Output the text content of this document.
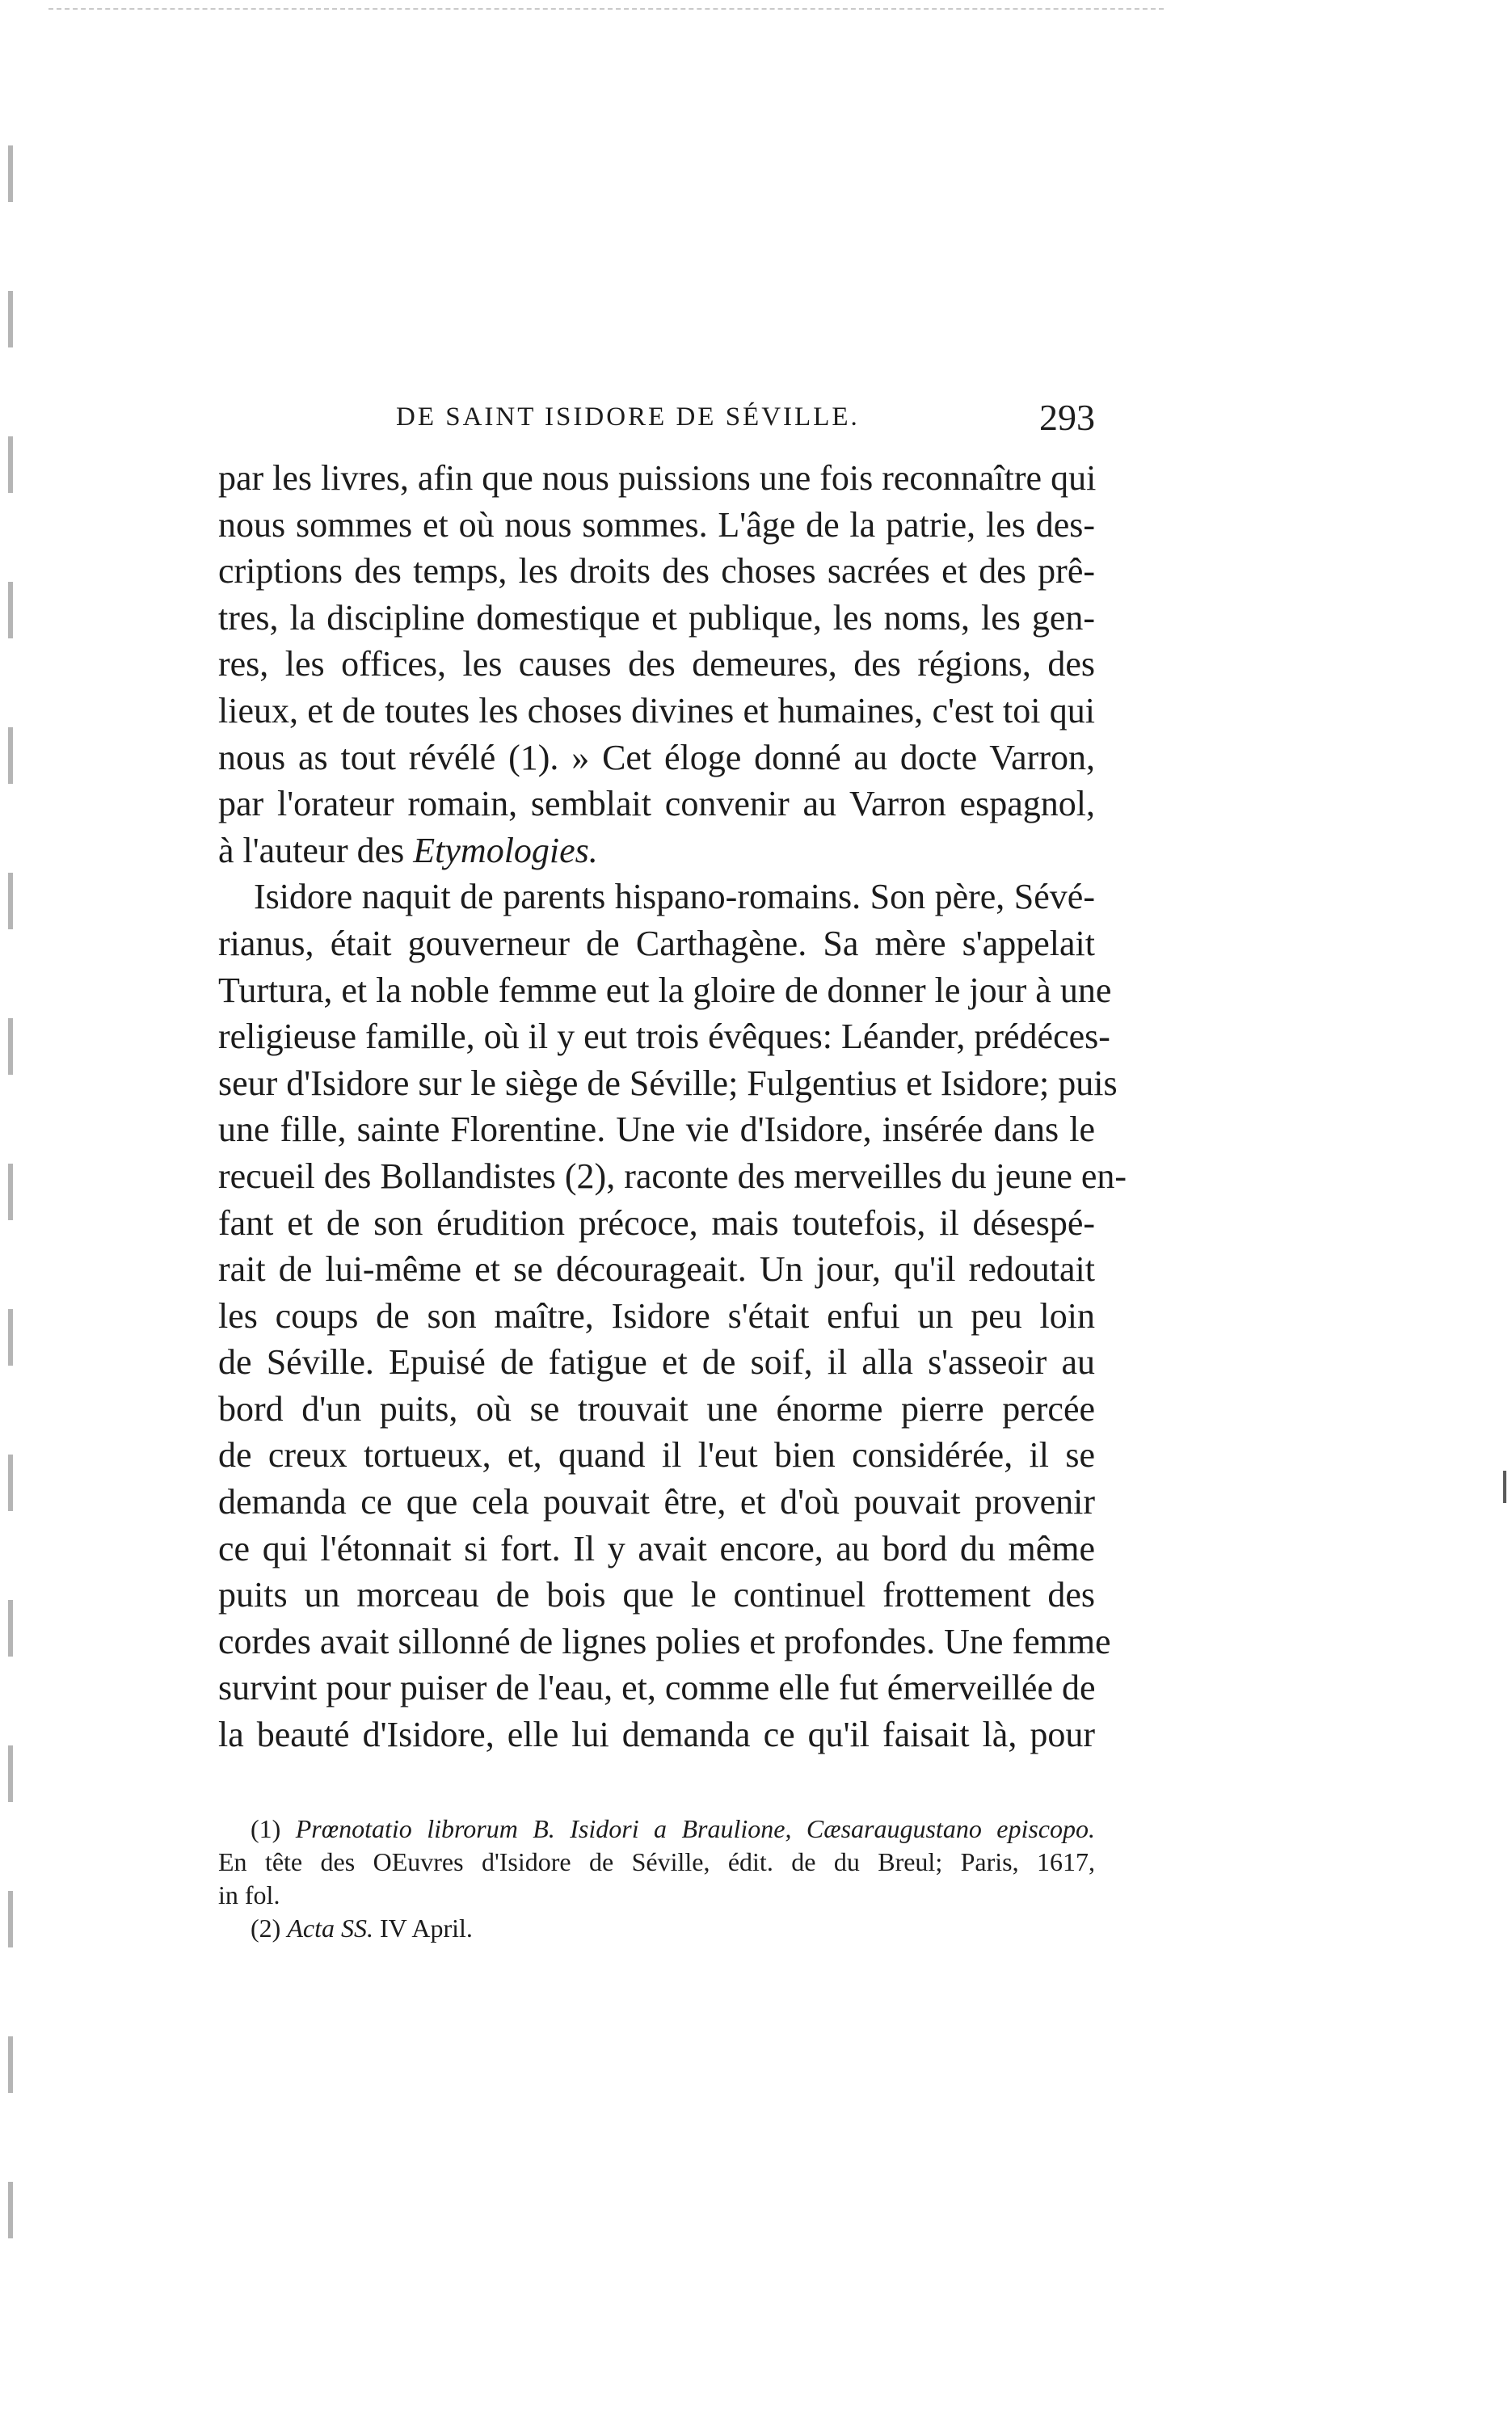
DE SAINT ISIDORE DE SÉVILLE.	293
par les livres, afin que nous puissions une fois reconnaître qui
nous sommes et où nous sommes. L'âge de la patrie, les des-
criptions des temps, les droits des choses sacrées et des prê-
tres, la discipline domestique et publique, les noms, les gen-
res, les offices, les causes des demeures, des régions, des
lieux, et de toutes les choses divines et humaines, c'est toi qui
nous as tout révélé (1). » Cet éloge donné au docte Varron,
par l'orateur romain, semblait convenir au Varron espagnol,
à l'auteur des Etymologies.
Isidore naquit de parents hispano-romains. Son père, Sévé-
rianus, était gouverneur de Carthagène. Sa mère s'appelait
Turtura, et la noble femme eut la gloire de donner le jour à une
religieuse famille, où il y eut trois évêques: Léander, prédéces-
seur d'Isidore sur le siège de Séville; Fulgentius et Isidore; puis
une fille, sainte Florentine. Une vie d'Isidore, insérée dans le
recueil des Bollandistes (2), raconte des merveilles du jeune en-
fant et de son érudition précoce, mais toutefois, il désespé-
rait de lui-même et se décourageait. Un jour, qu'il redoutait
les coups de son maître, Isidore s'était enfui un peu loin
de Séville. Epuisé de fatigue et de soif, il alla s'asseoir au
bord d'un puits, où se trouvait une énorme pierre percée
de creux tortueux, et, quand il l'eut bien considérée, il se
demanda ce que cela pouvait être, et d'où pouvait provenir
ce qui l'étonnait si fort. Il y avait encore, au bord du même
puits un morceau de bois que le continuel frottement des
cordes avait sillonné de lignes polies et profondes. Une femme
survint pour puiser de l'eau, et, comme elle fut émerveillée de
la beauté d'Isidore, elle lui demanda ce qu'il faisait là, pour
(1) Prœnotatio librorum B. Isidori a Braulione, Cæsaraugustano episcopo.
En tête des OEuvres d'Isidore de Séville, édit. de du Breul; Paris, 1617,
in fol.
(2) Acta SS. IV April.
